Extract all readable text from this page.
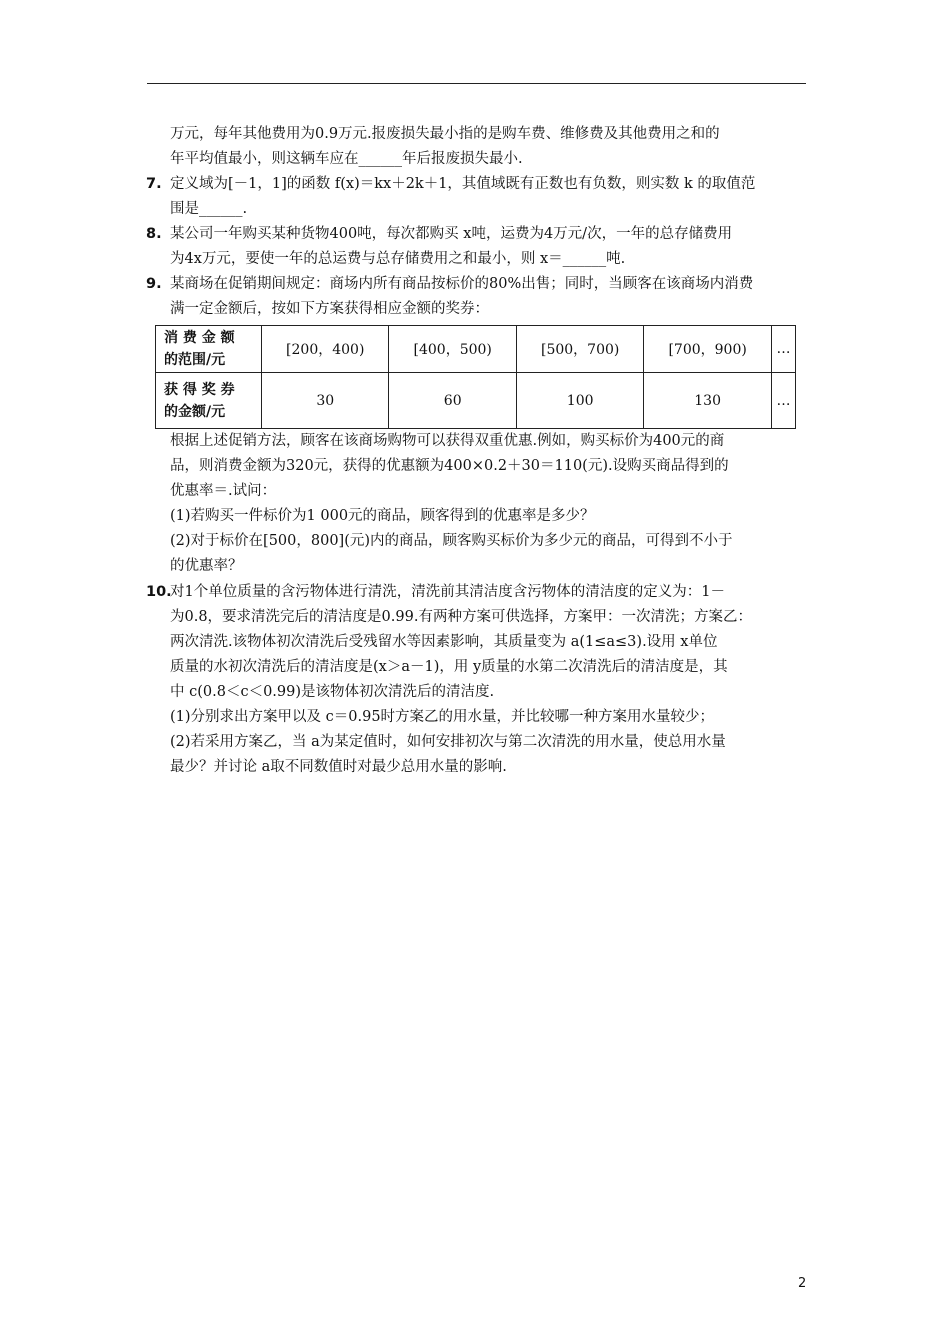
万元，每年其他费用为0.9万元.报废损失最小指的是购车费、维修费及其他费用之和的
年平均值最小，则这辆车应在______年后报废损失最小.
7. 定义域为[－1，1]的函数 f(x)＝kx＋2k＋1，其值域既有正数也有负数，则实数 k 的取值范
围是______.
8. 某公司一年购买某种货物400吨，每次都购买 x吨，运费为4万元/次，一年的总存储费用
为4x万元，要使一年的总运费与总存储费用之和最小，则 x＝______吨.
9. 某商场在促销期间规定：商场内所有商品按标价的80%出售；同时，当顾客在该商场内消费
满一定金额后，按如下方案获得相应金额的奖券：
消 费 金 额
的范围/元	[200，400)	[400，500)	[500，700)	[700，900)	…

获 得 奖 券
的金额/元	30	60	100	130	…
根据上述促销方法，顾客在该商场购物可以获得双重优惠.例如，购买标价为400元的商
品，则消费金额为320元，获得的优惠额为400×0.2＋30＝110(元).设购买商品得到的
优惠率＝.试问：
(1)若购买一件标价为1 000元的商品，顾客得到的优惠率是多少？
(2)对于标价在[500，800](元)内的商品，顾客购买标价为多少元的商品，可得到不小于
的优惠率？
10.
对1个单位质量的含污物体进行清洗，清洗前其清洁度含污物体的清洁度的定义为：1－
为0.8，要求清洗完后的清洁度是0.99.有两种方案可供选择，方案甲：一次清洗；方案乙：
两次清洗.该物体初次清洗后受残留水等因素影响，其质量变为 a(1≤a≤3).设用 x单位
质量的水初次清洗后的清洁度是(x＞a－1)，用 y质量的水第二次清洗后的清洁度是，其
中 c(0.8＜c＜0.99)是该物体初次清洗后的清洁度.
(1)分别求出方案甲以及 c＝0.95时方案乙的用水量，并比较哪一种方案用水量较少；
(2)若采用方案乙，当 a为某定值时，如何安排初次与第二次清洗的用水量，使总用水量
最少？并讨论 a取不同数值时对最少总用水量的影响.
2
